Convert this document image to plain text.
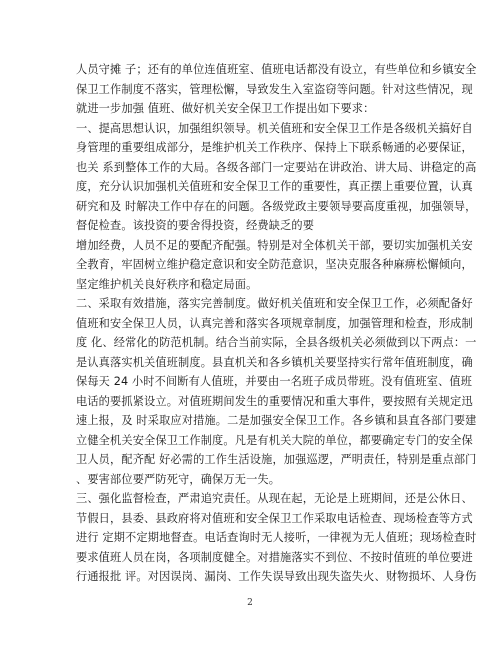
人员守摊 子；还有的单位连值班室、值班电话都没有设立，有些单位和乡镇安全
保卫工作制度不落实，管理松懈，导致发生入室盗窃等问题。针对这些情况，现
就进一步加强 值班、做好机关安全保卫工作提出如下要求：
一、提高思想认识，加强组织领导。机关值班和安全保卫工作是各级机关搞好自
身管理的重要组成部分，是维护机关工作秩序、保持上下联系畅通的必要保证，
也关 系到整体工作的大局。各级各部门一定要站在讲政治、讲大局、讲稳定的高
度，充分认识加强机关值班和安全保卫工作的重要性，真正摆上重要位置，认真
研究和及 时解决工作中存在的问题。各级党政主要领导要高度重视，加强领导，
督促检查。该投资的要舍得投资，经费缺乏的要
增加经费，人员不足的要配齐配强。特别是对全体机关干部，要切实加强机关安
全教育，牢固树立维护稳定意识和安全防范意识，坚决克服各种麻痹松懈倾向，
坚定维护机关良好秩序和稳定局面。
二、采取有效措施，落实完善制度。做好机关值班和安全保卫工作，必须配备好
值班和安全保卫人员，认真完善和落实各项规章制度，加强管理和检查，形成制
度 化、经常化的防范机制。结合当前实际，全县各级机关必须做到以下两点：一
是认真落实机关值班制度。县直机关和各乡镇机关要坚持实行常年值班制度，确
保每天 24 小时不间断有人值班，并要由一名班子成员带班。没有值班室、值班
电话的要抓紧设立。对值班期间发生的重要情况和重大事件，要按照有关规定迅
速上报，及 时采取应对措施。二是加强安全保卫工作。各乡镇和县直各部门要建
立健全机关安全保卫工作制度。凡是有机关大院的单位，都要确定专门的安全保
卫人员，配齐配 好必需的工作生活设施，加强巡逻，严明责任，特别是重点部门
、要害部位要严防死守，确保万无一失。
三、强化监督检查，严肃追究责任。从现在起，无论是上班期间，还是公休日、
节假日，县委、县政府将对值班和安全保卫工作采取电话检查、现场检查等方式
进行 定期不定期地督查。电话查询时无人接听，一律视为无人值班；现场检查时
要求值班人员在岗，各项制度健全。对措施落实不到位、不按时值班的单位要进
行通报批 评。对因误岗、漏岗、工作失误导致出现失盗失火、财物损坏、人身伤
2
